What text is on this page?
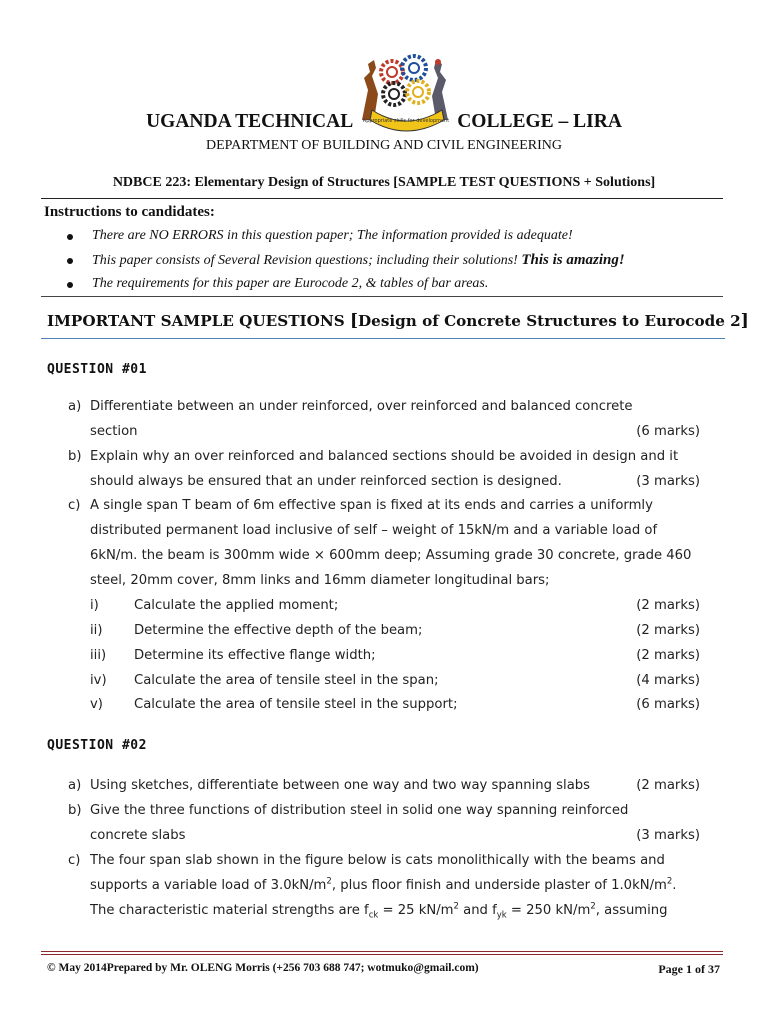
Appropriate skills for development
UGANDA TECHNICAL	COLLEGE – LIRA
DEPARTMENT OF BUILDING AND CIVIL ENGINEERING
NDBCE 223: Elementary Design of Structures [SAMPLE TEST QUESTIONS + Solutions]
Instructions to candidates:
There are NO ERRORS in this question paper; The information provided is adequate!
This paper consists of Several Revision questions; including their solutions! This is amazing!
The requirements for this paper are Eurocode 2, & tables of bar areas.
IMPORTANT SAMPLE QUESTIONS [Design of Concrete Structures to Eurocode 2]
QUESTION #01
a) Differentiate between an under reinforced, over reinforced and balanced concrete
section	(6 marks)
b) Explain why an over reinforced and balanced sections should be avoided in design and it
should always be ensured that an under reinforced section is designed.	(3 marks)
c) A single span T beam of 6m effective span is fixed at its ends and carries a uniformly
distributed permanent load inclusive of self – weight of 15kN/m and a variable load of
6kN/m. the beam is 300mm wide × 600mm deep; Assuming grade 30 concrete, grade 460
steel, 20mm cover, 8mm links and 16mm diameter longitudinal bars;
i)	Calculate the applied moment;	(2 marks)
ii) Determine the effective depth of the beam;	(2 marks)
iii) Determine its effective flange width;	(2 marks)
iv) Calculate the area of tensile steel in the span;	(4 marks)
v) Calculate the area of tensile steel in the support;	(6 marks)
QUESTION #02
a) Using sketches, differentiate between one way and two way spanning slabs	(2 marks)
b) Give the three functions of distribution steel in solid one way spanning reinforced
concrete slabs	(3 marks)
c) The four span slab shown in the figure below is cats monolithically with the beams and
supports a variable load of $3.0kN/m^2$, plus floor finish and underside plaster of $1.0kN/m^2$.
The characteristic material strengths are $f_{ck} = 25$ $kN/m^2$ and $f_{yk} = 250$ $kN/m^2$, assuming
© May 2014Prepared by Mr. OLENG Morris (+256 703 688 747; wotmuko@gmail.com)	Page 1 of 37
